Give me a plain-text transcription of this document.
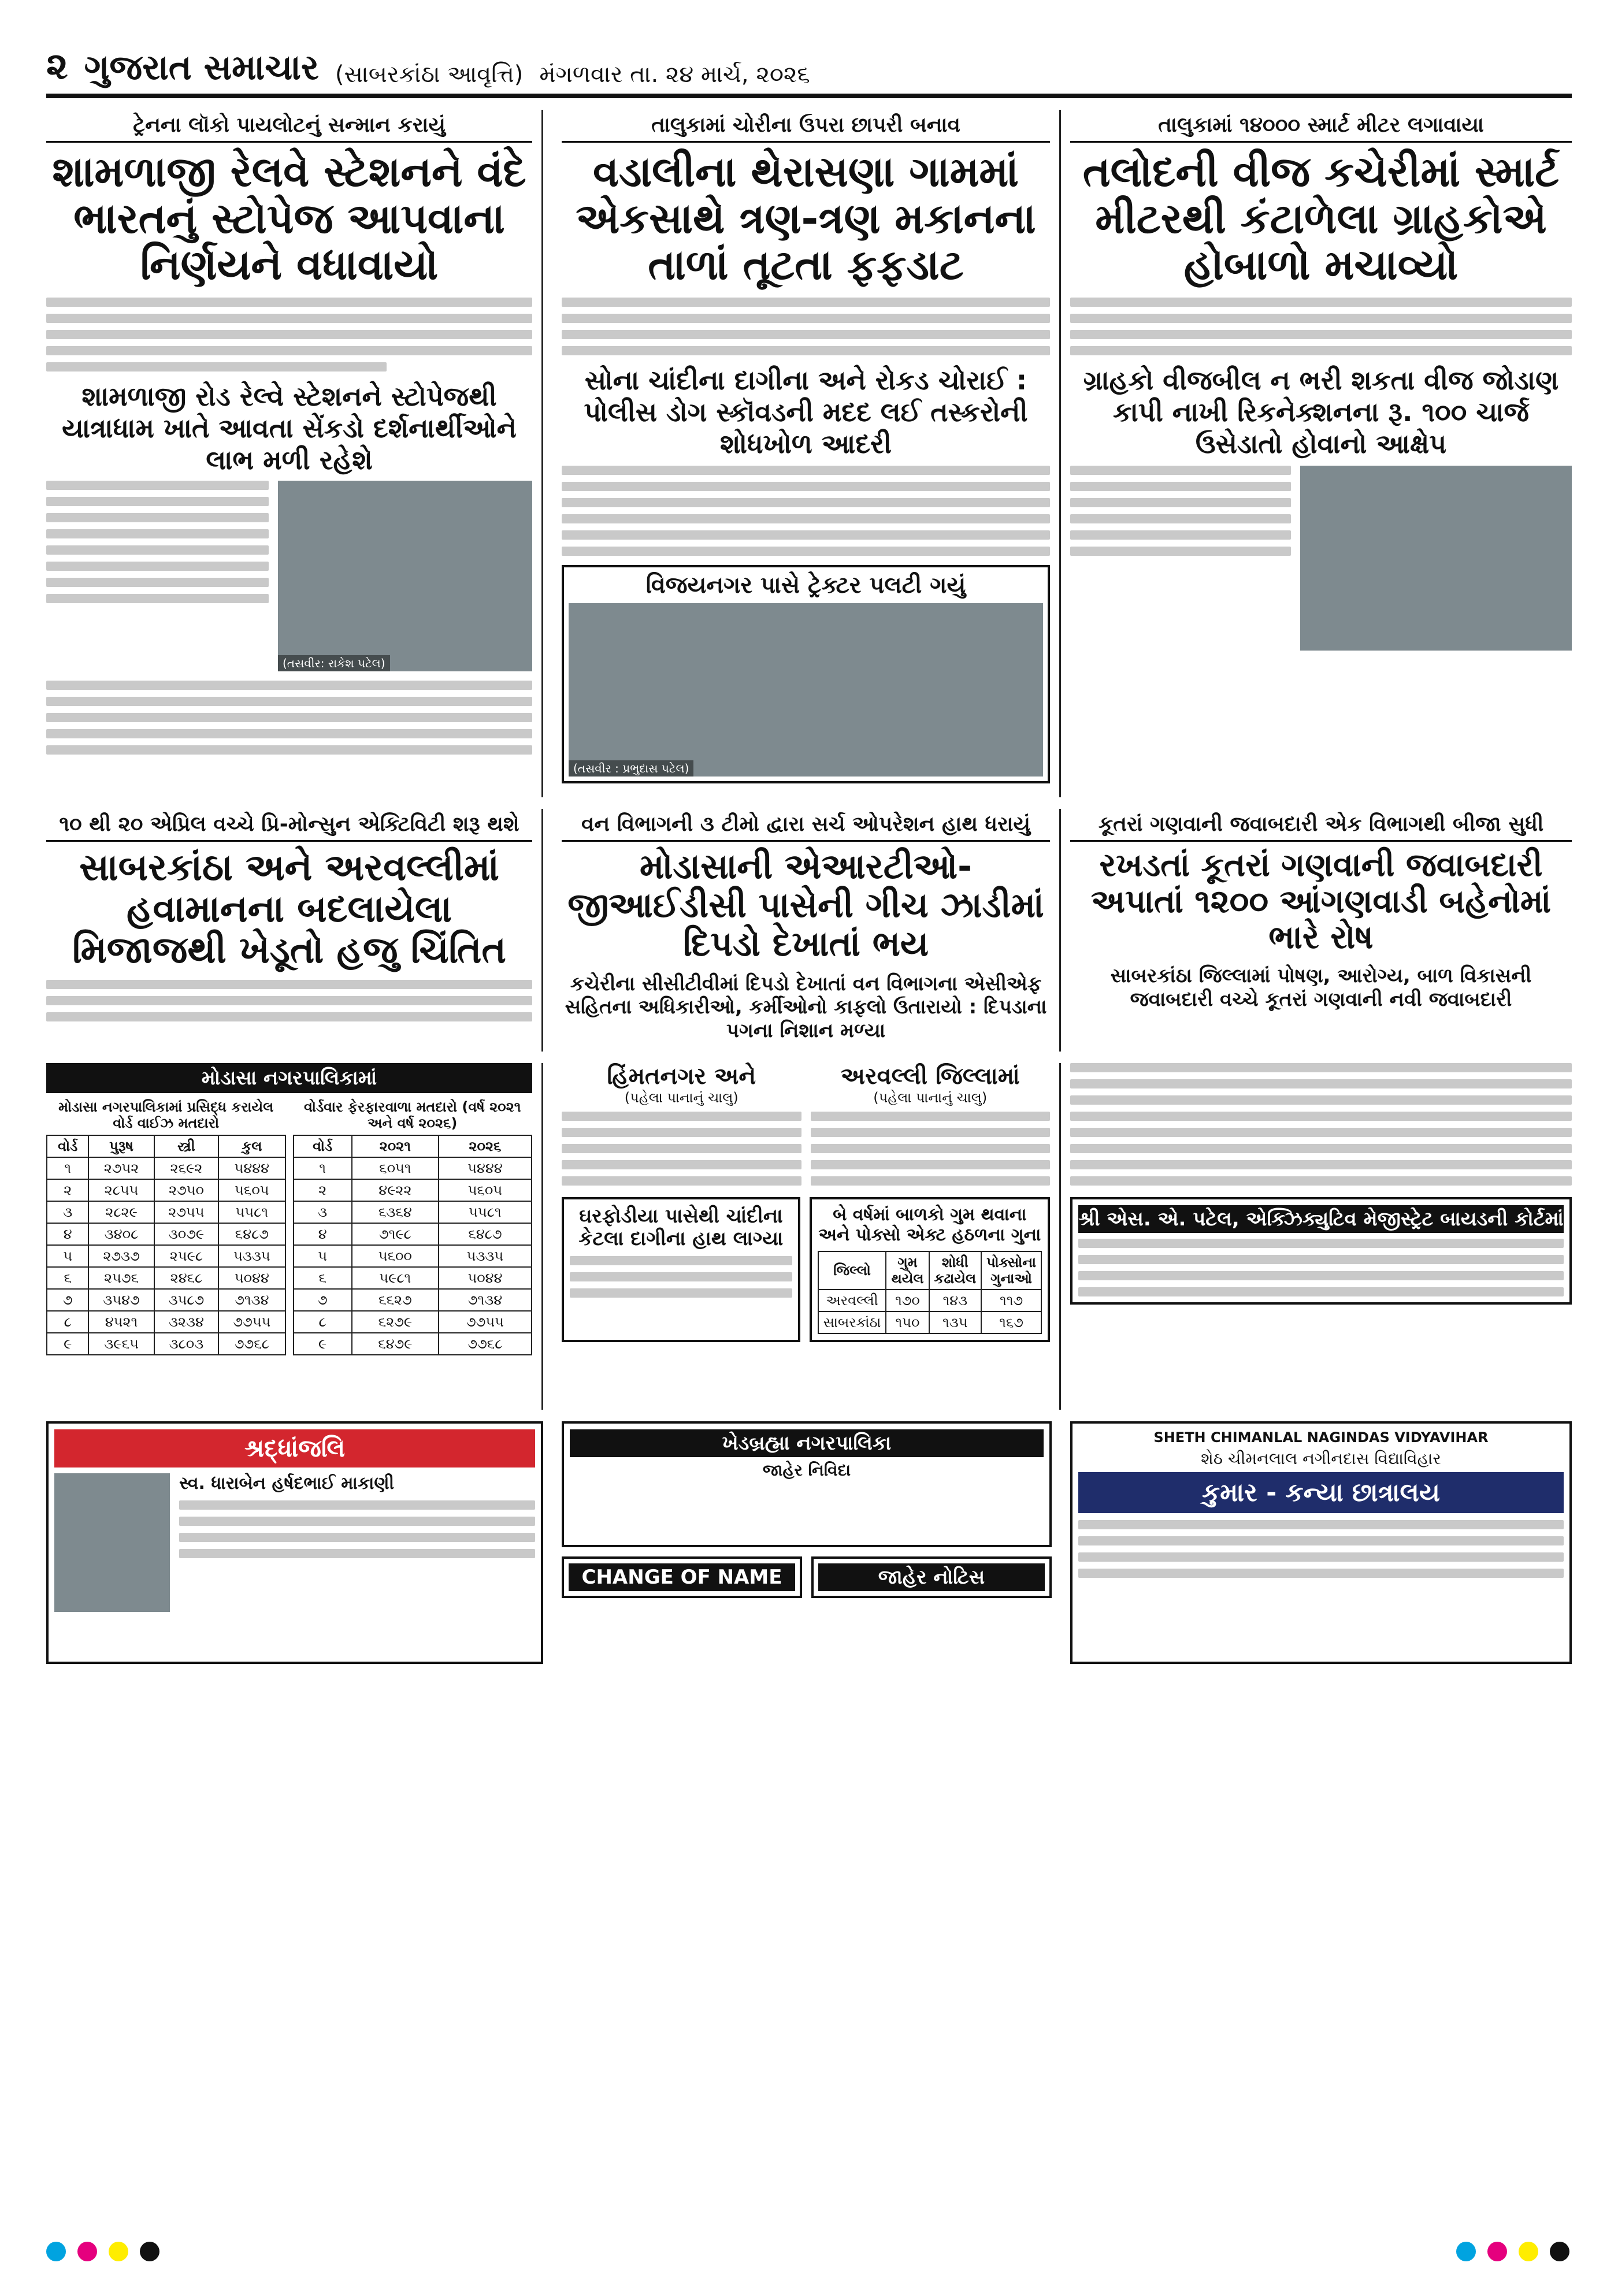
૨ ગુજરાત સમાચાર (સાબરકાંઠા આવૃત્તિ) મંગળવાર તા. ૨૪ માર્ચ, ૨૦૨૬
ટ્રેનના લૉકો પાયલોટનું સન્માન કરાયું
શામળાજી રેલવે સ્ટેશનને વંદે ભારતનું સ્ટોપેજ આપવાના નિર્ણયને વધાવાયો
શામળાજી રોડ રેલ્વે સ્ટેશનને સ્ટોપેજથી યાત્રાધામ ખાતે આવતા સેંકડો દર્શનાર્થીઓને લાભ મળી રહેશે
(તસવીર: રાકેશ પટેલ)
તાલુકામાં ચોરીના ઉપરા છાપરી બનાવ
વડાલીના થેરાસણા ગામમાં એકસાથે ત્રણ-ત્રણ મકાનના તાળાં તૂટતા ફફડાટ
સોના ચાંદીના દાગીના અને રોકડ ચોરાઈ : પોલીસ ડોગ સ્કૉવડની મદદ લઈ તસ્કરોની શોધખોળ આદરી
વિજયનગર પાસે ટ્રેક્ટર પલટી ગયું
(તસવીર : પ્રભુદાસ પટેલ)
તાલુકામાં ૧૪૦૦૦ સ્માર્ટ મીટર લગાવાયા
તલોદની વીજ કચેરીમાં સ્માર્ટ મીટરથી કંટાળેલા ગ્રાહકોએ હોબાળો મચાવ્યો
ગ્રાહકો વીજબીલ ન ભરી શકતા વીજ જોડાણ કાપી નાખી રિકનેક્શનના રૂ. ૧૦૦ ચાર્જ ઉસેડાતો હોવાનો આક્ષેપ
૧૦ થી ૨૦ એપ્રિલ વચ્ચે પ્રિ-મોન્સુન એક્ટિવિટી શરૂ થશે
સાબરકાંઠા અને અરવલ્લીમાં હવામાનના બદલાયેલા મિજાજથી ખેડૂતો હજુ ચિંતિત
વન વિભાગની ૩ ટીમો દ્વારા સર્ચ ઓપરેશન હાથ ધરાયું
મોડાસાની એઆરટીઓ-જીઆઈડીસી પાસેની ગીચ ઝાડીમાં દિપડો દેખાતાં ભય
કચેરીના સીસીટીવીમાં દિપડો દેખાતાં વન વિભાગના એસીએફ સહિતના અધિકારીઓ, કર્મીઓનો કાફલો ઉતારાયો : દિપડાના પગના નિશાન મળ્યા
કૂતરાં ગણવાની જવાબદારી એક વિભાગથી બીજા સુધી
રખડતાં કૂતરાં ગણવાની જવાબદારી અપાતાં ૧૨૦૦ આંગણવાડી બહેનોમાં ભારે રોષ
સાબરકાંઠા જિલ્લામાં પોષણ, આરોગ્ય, બાળ વિકાસની જવાબદારી વચ્ચે કૂતરાં ગણવાની નવી જવાબદારી
મોડાસા નગરપાલિકામાં
મોડાસા નગરપાલિકામાં પ્રસિદ્ધ કરાયેલ વોર્ડ વાઈઝ મતદારો
વોર્ડ	પુરૂષ	સ્ત્રી	કુલ
૧	૨૭૫૨	૨૬૯૨	૫૪૪૪
૨	૨૮૫૫	૨૭૫૦	૫૬૦૫
૩	૨૮૨૯	૨૭૫૫	૫૫૮૧
૪	૩૪૦૮	૩૦૭૯	૬૪૮૭
૫	૨૭૩૭	૨૫૯૮	૫૩૩૫
૬	૨૫૭૬	૨૪૬૮	૫૦૪૪
૭	૩૫૪૭	૩૫૮૭	૭૧૩૪
૮	૪૫૨૧	૩૨૩૪	૭૭૫૫
૯	૩૯૬૫	૩૮૦૩	૭૭૬૮
વોર્ડવાર ફેરફારવાળા મતદારો (વર્ષ ૨૦૨૧ અને વર્ષ ૨૦૨૬)
વોર્ડ	૨૦૨૧	૨૦૨૬
૧	૬૦૫૧	૫૪૪૪
૨	૪૯૨૨	૫૬૦૫
૩	૬૩૬૪	૫૫૮૧
૪	૭૧૯૮	૬૪૮૭
૫	૫૬૦૦	૫૩૩૫
૬	૫૯૮૧	૫૦૪૪
૭	૬૬૨૭	૭૧૩૪
૮	૬૨૭૯	૭૭૫૫
૯	૬૪૭૯	૭૭૬૮
હિંમતનગર અને
(પહેલા પાનાનું ચાલુ)
અરવલ્લી જિલ્લામાં
(પહેલા પાનાનું ચાલુ)
ઘરફોડીયા પાસેથી ચાંદીના કેટલા દાગીના હાથ લાગ્યા
બે વર્ષમાં બાળકો ગુમ થવાના અને પોક્સો એક્ટ હઠળના ગુના
જિલ્લો	ગુમ થયેલ	શોધી કઢાયેલ	પોક્સોના ગુનાઓ
અરવલ્લી	૧૭૦	૧૪૩	૧૧૭
સાબરકાંઠા	૧૫૦	૧૩૫	૧૬૭
શ્રી એસ. એ. પટેલ, એક્ઝિક્યુટિવ મેજીસ્ટ્રેટ બાયડની કોર્ટમાં
શ્રદ્ધાંજલિ
સ્વ. ધારાબેન હર્ષદભાઈ માકાણી
ખેડબ્રહ્મા નગરપાલિકા
જાહેર નિવિદા
CHANGE OF NAME	જાહેર નોટિસ
SHETH CHIMANLAL NAGINDAS VIDYAVIHAR
શેઠ ચીમનલાલ નગીનદાસ વિદ્યાવિહાર
કુમાર - કન્યા છાત્રાલય
